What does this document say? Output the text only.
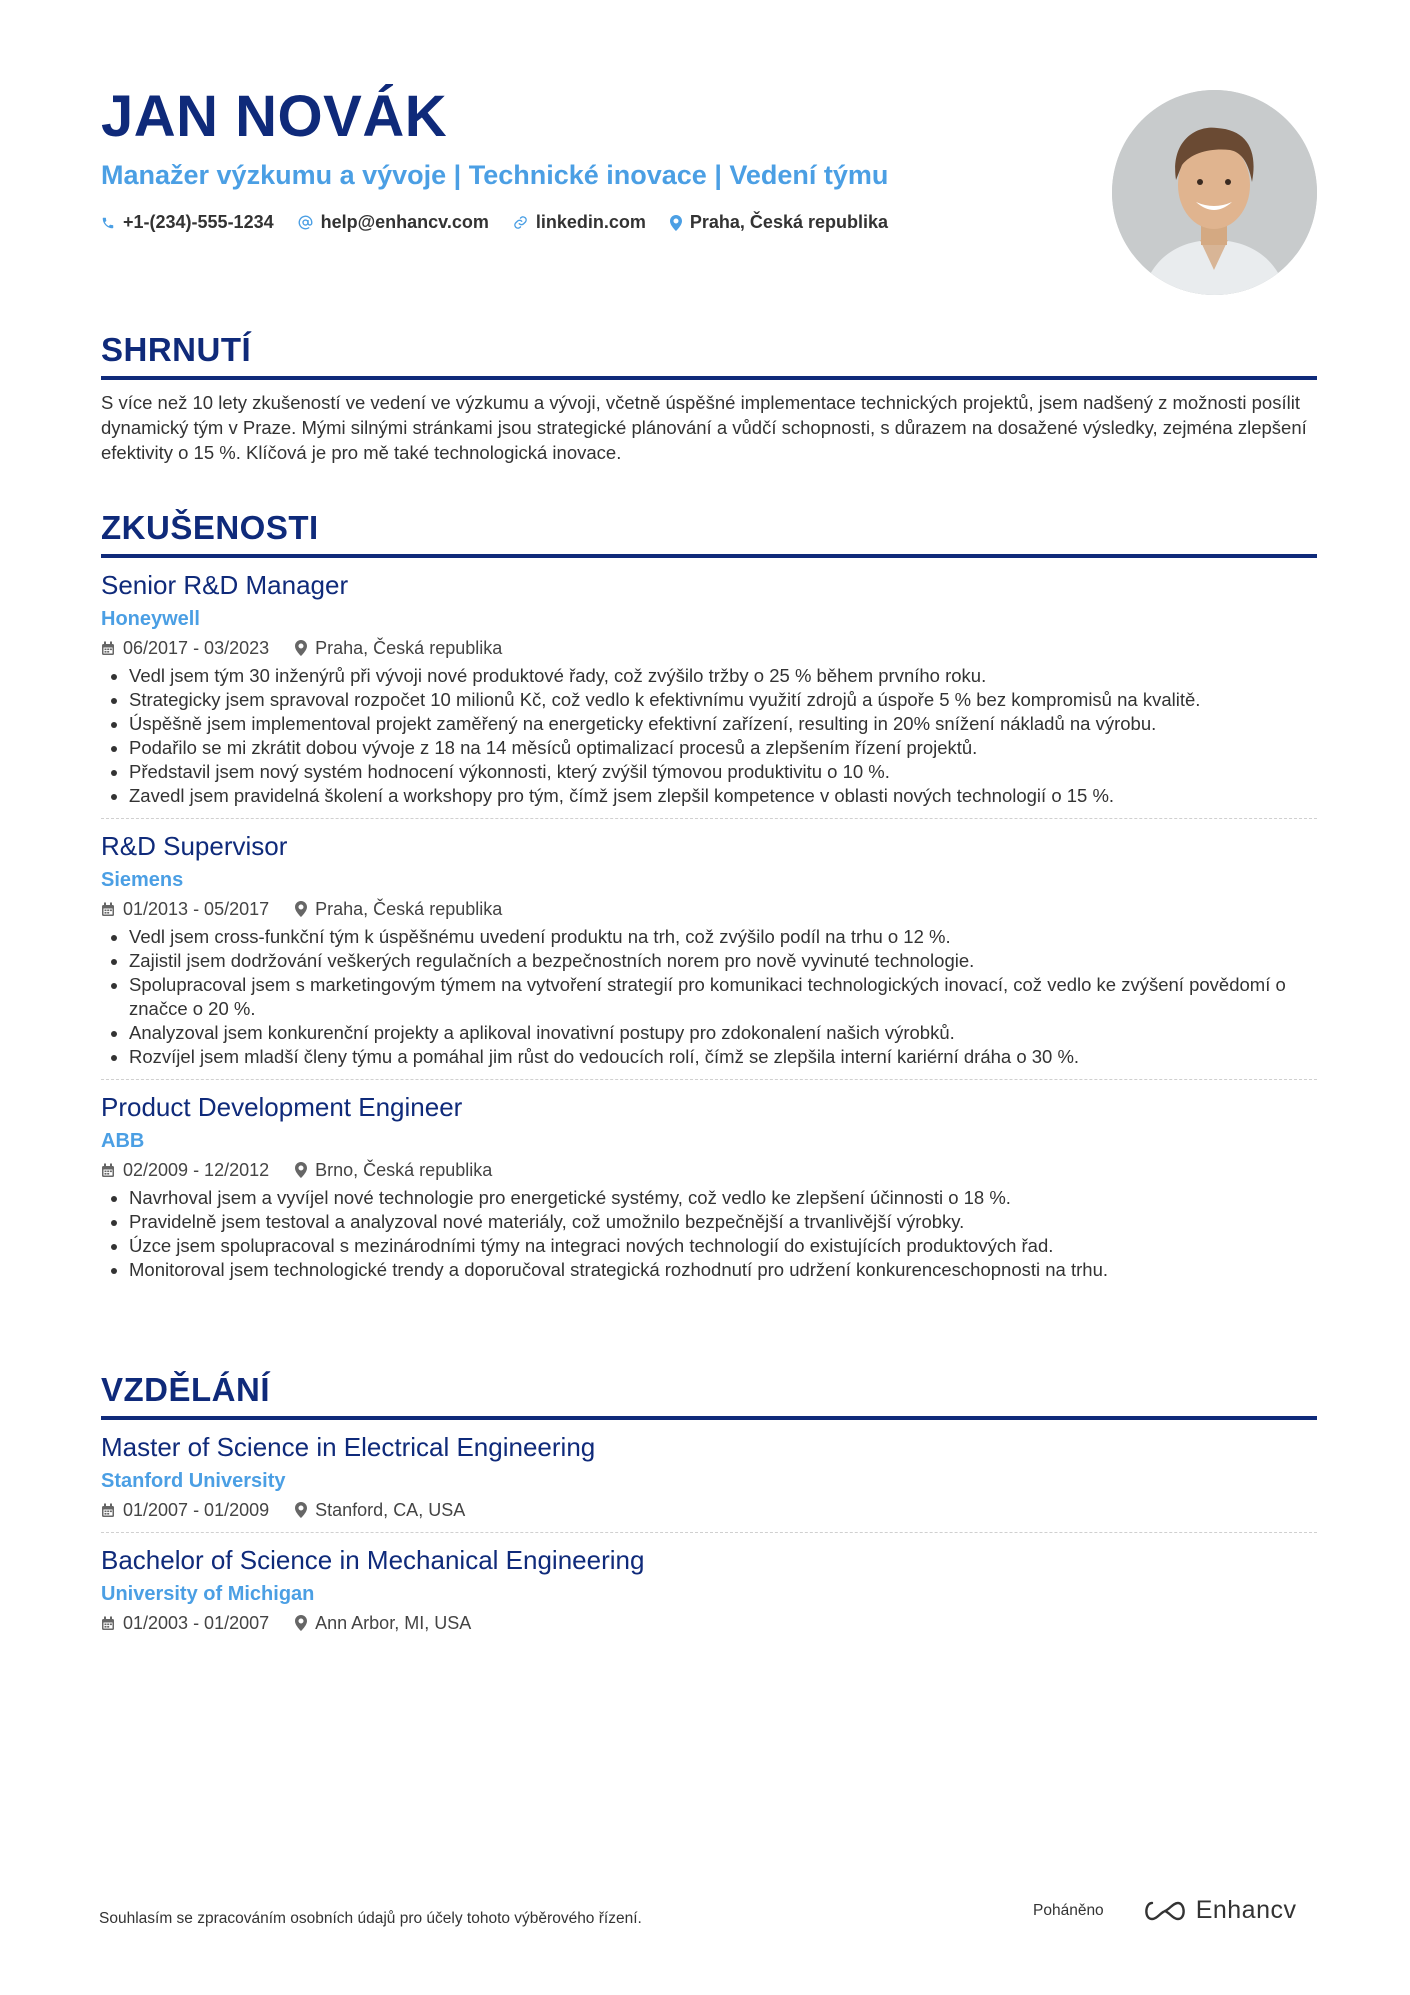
JAN NOVÁK
Manažer výzkumu a vývoje | Technické inovace | Vedení týmu
+1-(234)-555-1234	help@enhancv.com	linkedin.com Praha, Česká republika
SHRNUTÍ
S více než 10 lety zkušeností ve vedení ve výzkumu a vývoji, včetně úspěšné implementace technických projektů, jsem nadšený z možnosti posílit dynamický tým v Praze. Mými silnými stránkami jsou strategické plánování a vůdčí schopnosti, s důrazem na dosažené výsledky, zejména zlepšení efektivity o 15 %. Klíčová je pro mě také technologická inovace.
ZKUŠENOSTI
Senior R&D Manager
Honeywell
06/2017 - 03/2023	Praha, Česká republika
• Vedl jsem tým 30 inženýrů při vývoji nové produktové řady, což zvýšilo tržby o 25 % během prvního roku.
• Strategicky jsem spravoval rozpočet 10 milionů Kč, což vedlo k efektivnímu využití zdrojů a úspoře 5 % bez kompromisů na kvalitě.
• Úspěšně jsem implementoval projekt zaměřený na energeticky efektivní zařízení, resulting in 20% snížení nákladů na výrobu.
• Podařilo se mi zkrátit dobou vývoje z 18 na 14 měsíců optimalizací procesů a zlepšením řízení projektů.
• Představil jsem nový systém hodnocení výkonnosti, který zvýšil týmovou produktivitu o 10 %.
• Zavedl jsem pravidelná školení a workshopy pro tým, čímž jsem zlepšil kompetence v oblasti nových technologií o 15 %.
R&D Supervisor
Siemens
01/2013 - 05/2017	Praha, Česká republika
• Vedl jsem cross-funkční tým k úspěšnému uvedení produktu na trh, což zvýšilo podíl na trhu o 12 %.
• Zajistil jsem dodržování veškerých regulačních a bezpečnostních norem pro nově vyvinuté technologie.
• Spolupracoval jsem s marketingovým týmem na vytvoření strategií pro komunikaci technologických inovací, což vedlo ke zvýšení povědomí o značce o 20 %.
• Analyzoval jsem konkurenční projekty a aplikoval inovativní postupy pro zdokonalení našich výrobků.
• Rozvíjel jsem mladší členy týmu a pomáhal jim růst do vedoucích rolí, čímž se zlepšila interní kariérní dráha o 30 %.
Product Development Engineer
ABB
02/2009 - 12/2012	Brno, Česká republika
• Navrhoval jsem a vyvíjel nové technologie pro energetické systémy, což vedlo ke zlepšení účinnosti o 18 %.
• Pravidelně jsem testoval a analyzoval nové materiály, což umožnilo bezpečnější a trvanlivější výrobky.
• Úzce jsem spolupracoval s mezinárodními týmy na integraci nových technologií do existujících produktových řad.
• Monitoroval jsem technologické trendy a doporučoval strategická rozhodnutí pro udržení konkurenceschopnosti na trhu.
VZDĚLÁNÍ
Master of Science in Electrical Engineering
Stanford University
01/2007 - 01/2009	Stanford, CA, USA
Bachelor of Science in Mechanical Engineering
University of Michigan
01/2003 - 01/2007	Ann Arbor, MI, USA
Souhlasím se zpracováním osobních údajů pro účely tohoto výběrového řízení.	Poháněno	Enhancv
